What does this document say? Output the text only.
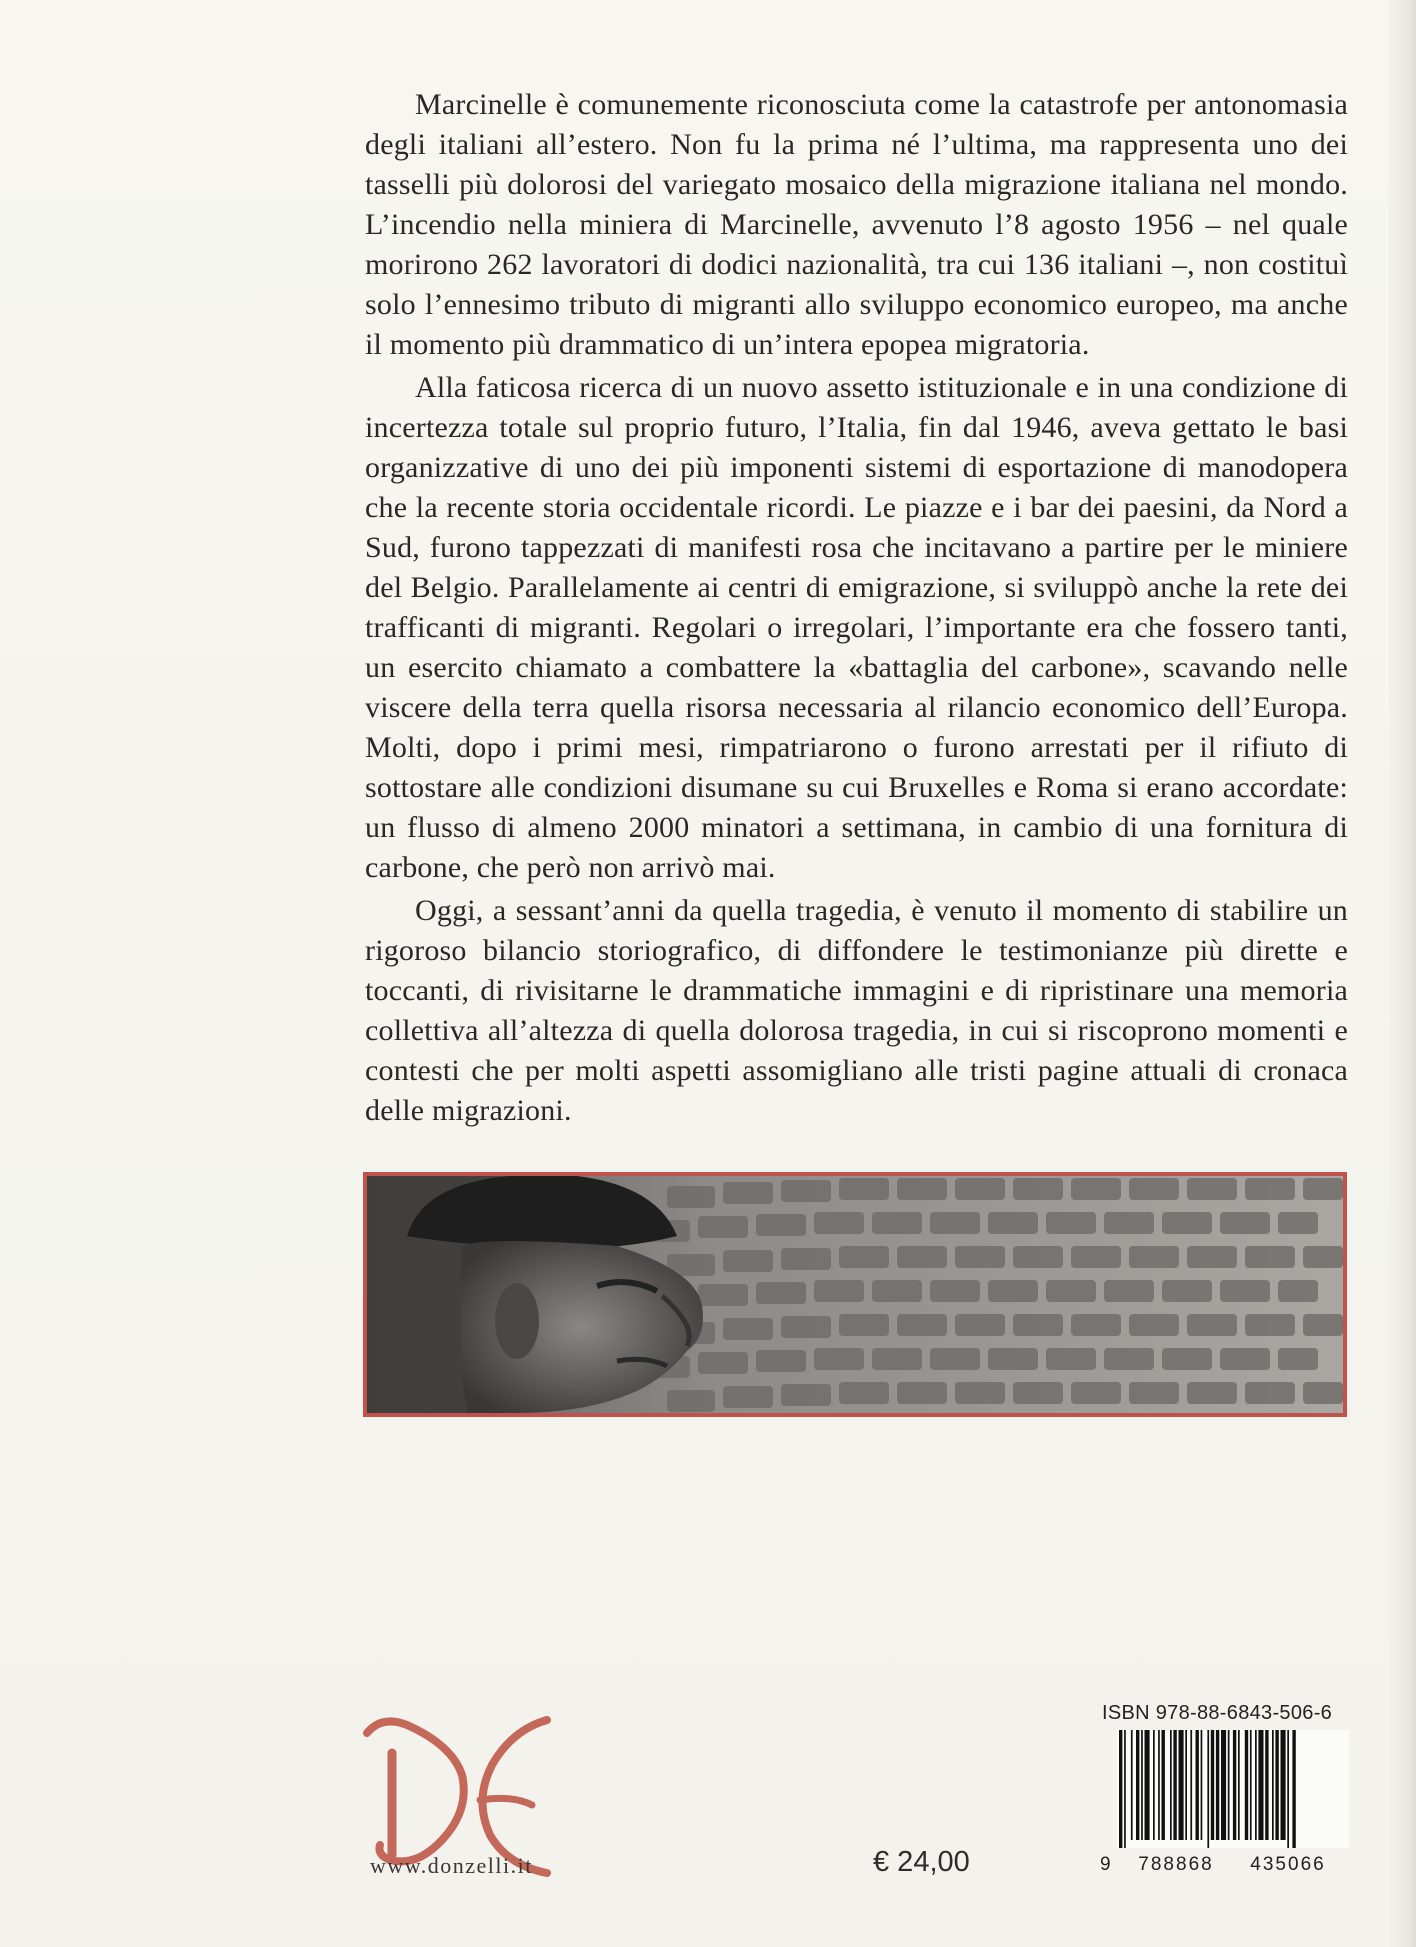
Marcinelle è comunemente riconosciuta come la catastrofe per antonomasia degli italiani all’estero. Non fu la prima né l’ultima, ma rappresenta uno dei tasselli più dolorosi del variegato mosaico della migrazione italiana nel mondo. L’incendio nella miniera di Marcinelle, avvenuto l’8 agosto 1956 – nel quale morirono 262 lavoratori di dodici nazionalità, tra cui 136 italiani –, non costituì solo l’ennesimo tributo di migranti allo sviluppo economico europeo, ma anche il momento più drammatico di un’intera epopea migratoria.

Alla faticosa ricerca di un nuovo assetto istituzionale e in una condizione di incertezza totale sul proprio futuro, l’Italia, fin dal 1946, aveva gettato le basi organizzative di uno dei più imponenti sistemi di esportazione di manodopera che la recente storia occidentale ricordi. Le piazze e i bar dei paesini, da Nord a Sud, furono tappezzati di manifesti rosa che incitavano a partire per le miniere del Belgio. Parallelamente ai centri di emigrazione, si sviluppò anche la rete dei trafficanti di migranti. Regolari o irregolari, l’importante era che fossero tanti, un esercito chiamato a combattere la «battaglia del carbone», scavando nelle viscere della terra quella risorsa necessaria al rilancio economico dell’Europa. Molti, dopo i primi mesi, rimpatriarono o furono arrestati per il rifiuto di sottostare alle condizioni disumane su cui Bruxelles e Roma si erano accordate: un flusso di almeno 2000 minatori a settimana, in cambio di una fornitura di carbone, che però non arrivò mai.

Oggi, a sessant’anni da quella tragedia, è venuto il momento di stabilire un rigoroso bilancio storiografico, di diffondere le testimonianze più dirette e toccanti, di rivisitarne le drammatiche immagini e di ripristinare una memoria collettiva all’altezza di quella dolorosa tragedia, in cui si riscoprono momenti e contesti che per molti aspetti assomigliano alle tristi pagine attuali di cronaca delle migrazioni.

www.donzelli.it	€ 24,00
ISBN 978-88-6843-506-6
9	788868	435066
